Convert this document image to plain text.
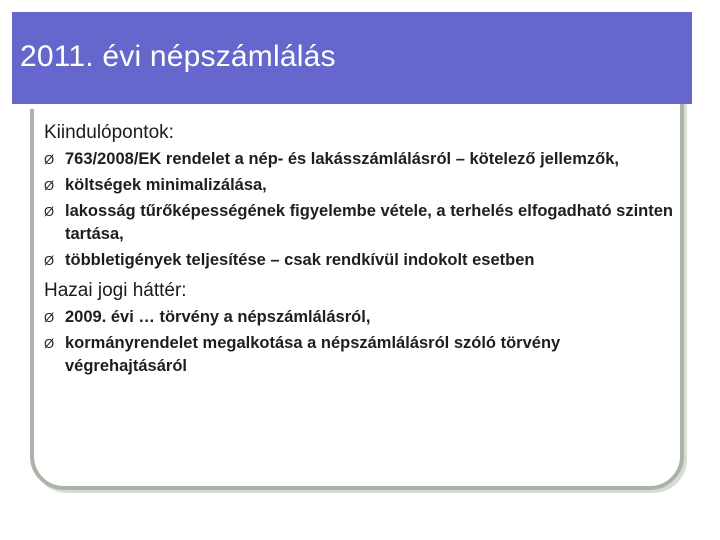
2011. évi népszámlálás

Kiindulópontok:

Ø 763/2008/EK rendelet a nép- és lakásszámlálásról – kötelező jellemzők,
Ø költségek minimalizálása,
Ø lakosság tűrőképességének figyelembe vétele, a terhelés elfogadható szinten tartása,
Ø többletigények teljesítése – csak rendkívül indokolt esetben

Hazai jogi háttér:

Ø 2009. évi … törvény a népszámlálásról,
Ø kormányrendelet megalkotása a népszámlálásról szóló törvény végrehajtásáról
